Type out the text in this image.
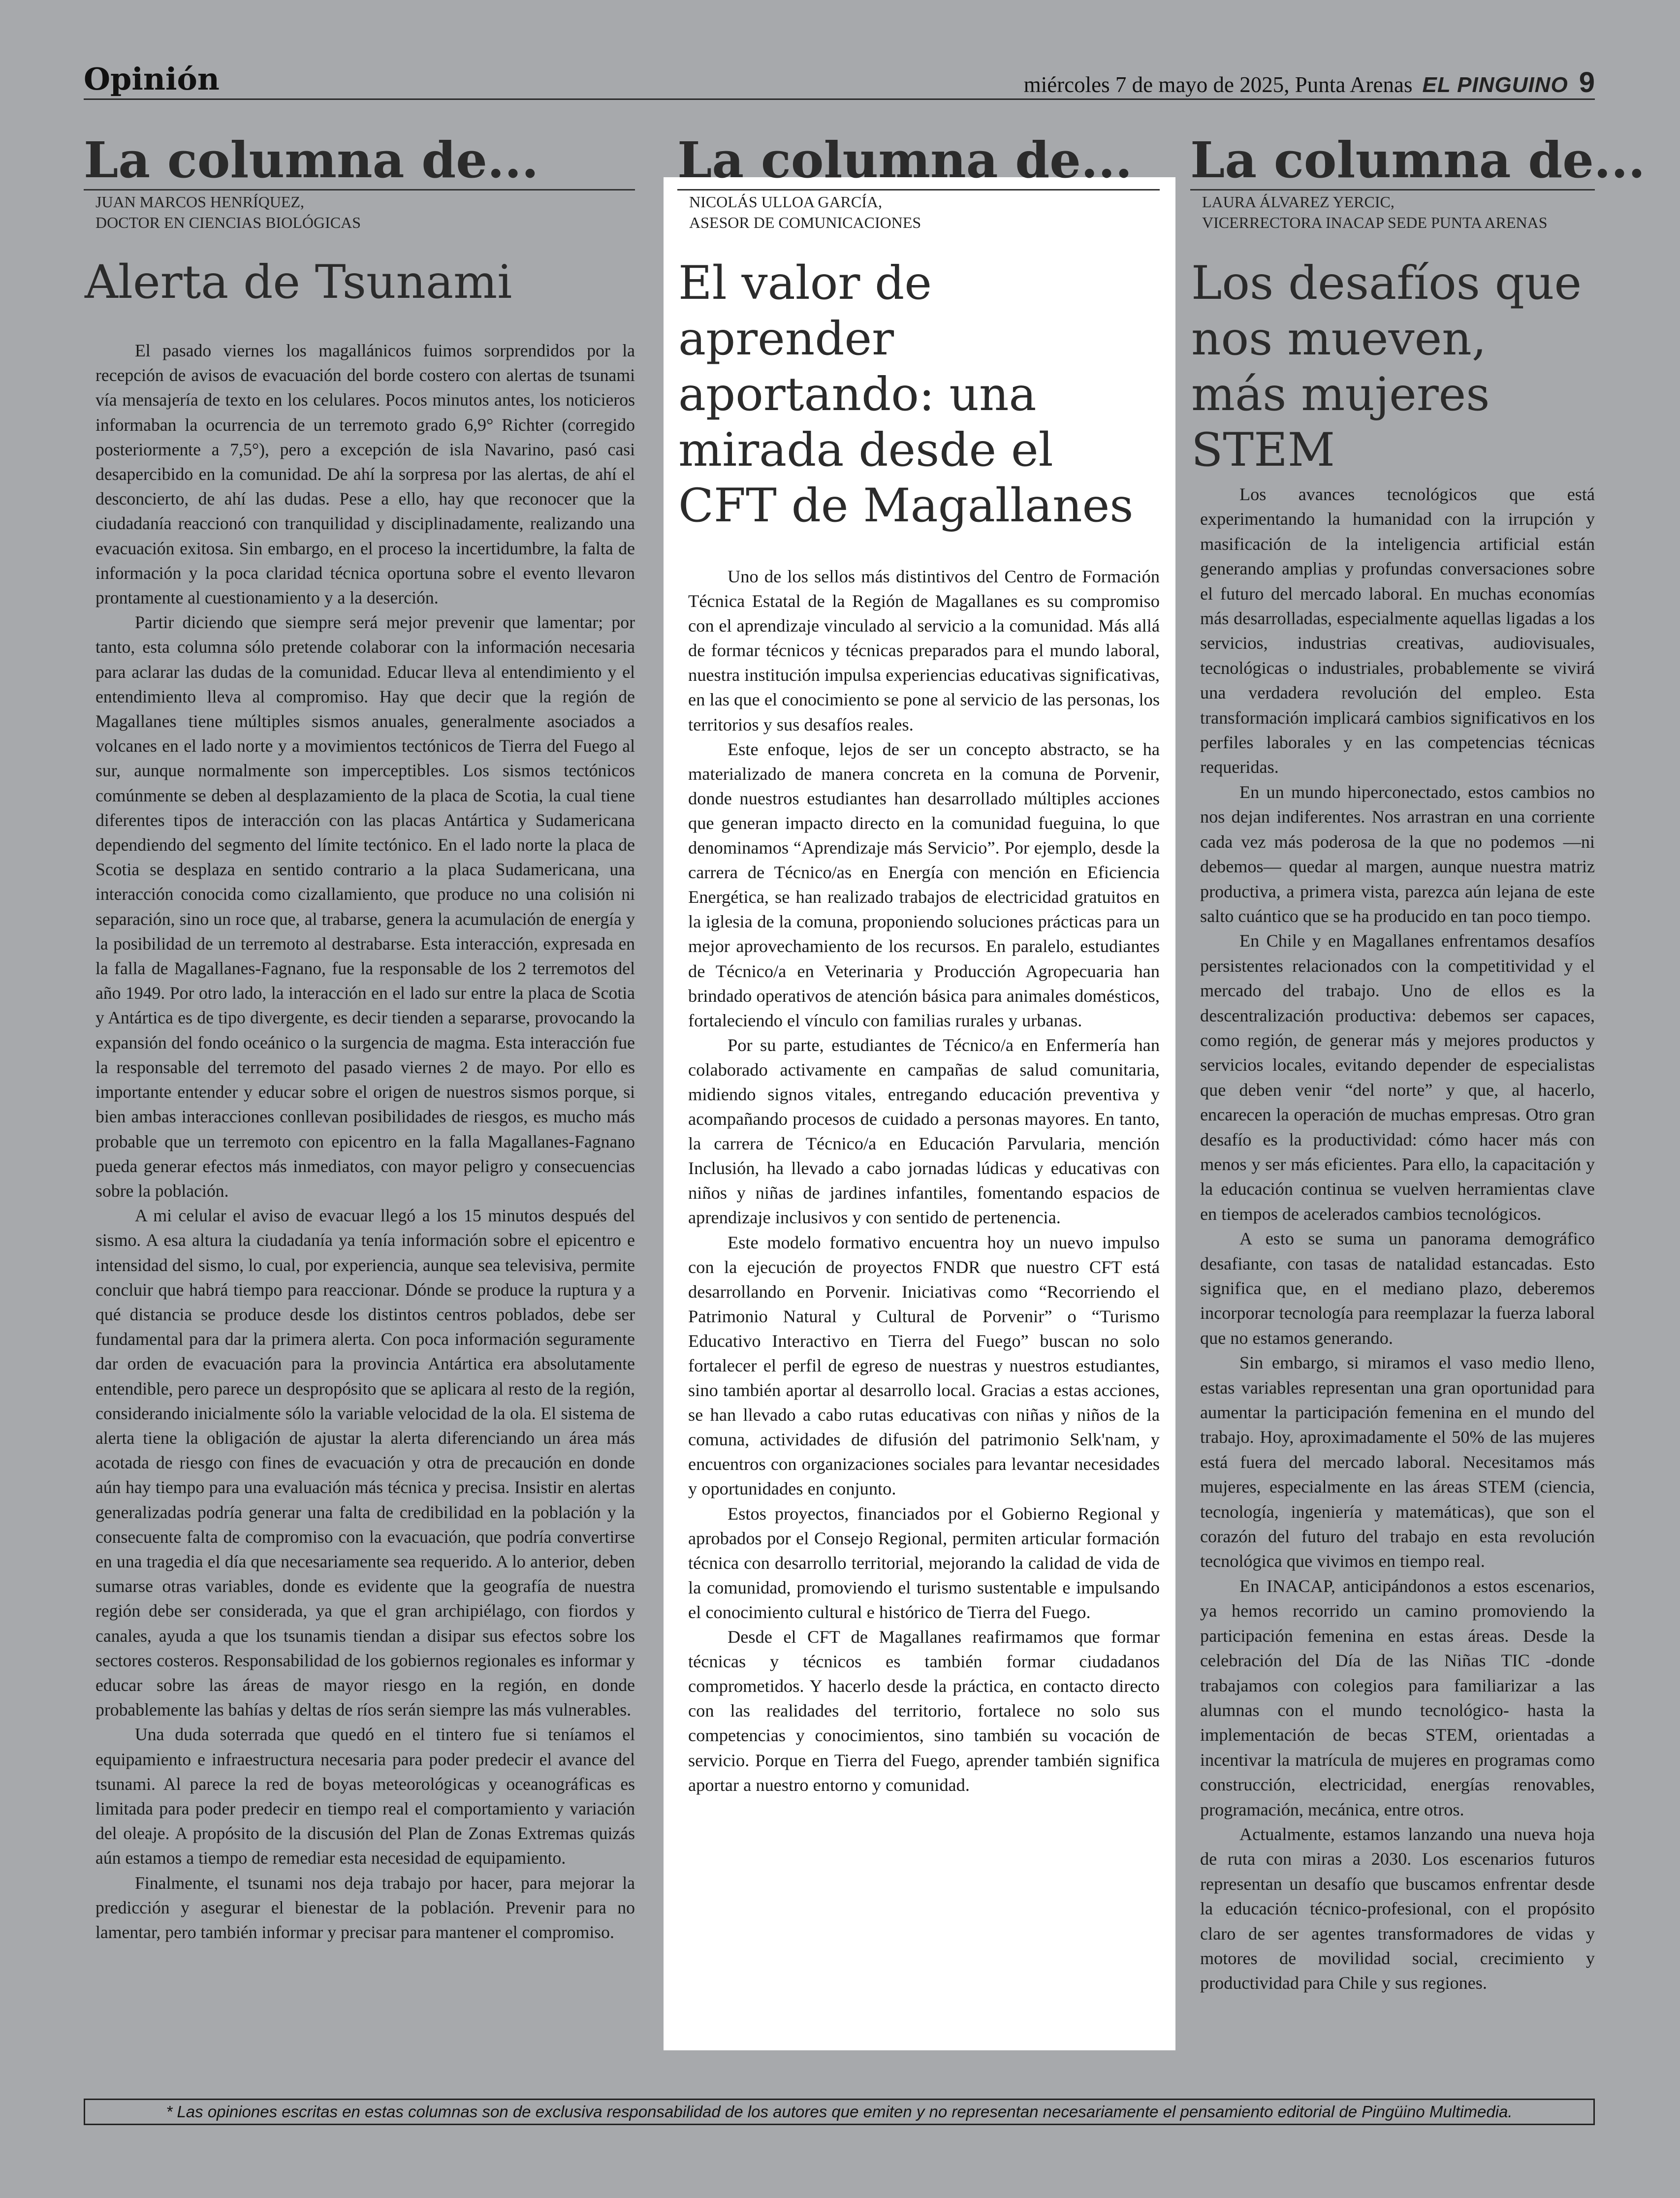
Opinión	miércoles 7 de mayo de 2025, Punta Arenas EL PINGUINO 9
La columna de...
JUAN MARCOS HENRÍQUEZ,
DOCTOR EN CIENCIAS BIOLÓGICAS
Alerta de Tsunami

El pasado viernes los magallánicos fuimos sorprendidos por la recepción de avisos de evacuación del borde costero con alertas de tsunami vía mensajería de texto en los celulares. Pocos minutos antes, los noticieros informaban la ocurrencia de un terremoto grado 6,9° Richter (corregido posteriormente a 7,5°), pero a excepción de isla Navarino, pasó casi desapercibido en la comunidad. De ahí la sorpresa por las alertas, de ahí el desconcierto, de ahí las dudas. Pese a ello, hay que reconocer que la ciudadanía reaccionó con tranquilidad y disciplinadamente, realizando una evacuación exitosa. Sin embargo, en el proceso la incertidumbre, la falta de información y la poca claridad técnica oportuna sobre el evento llevaron prontamente al cuestionamiento y a la deserción.

Partir diciendo que siempre será mejor prevenir que lamentar; por tanto, esta columna sólo pretende colaborar con la información necesaria para aclarar las dudas de la comunidad. Educar lleva al entendimiento y el entendimiento lleva al compromiso. Hay que decir que la región de Magallanes tiene múltiples sismos anuales, generalmente asociados a volcanes en el lado norte y a movimientos tectónicos de Tierra del Fuego al sur, aunque normalmente son imperceptibles. Los sismos tectónicos comúnmente se deben al desplazamiento de la placa de Scotia, la cual tiene diferentes tipos de interacción con las placas Antártica y Sudamericana dependiendo del segmento del límite tectónico. En el lado norte la placa de Scotia se desplaza en sentido contrario a la placa Sudamericana, una interacción conocida como cizallamiento, que produce no una colisión ni separación, sino un roce que, al trabarse, genera la acumulación de energía y la posibilidad de un terremoto al destrabarse. Esta interacción, expresada en la falla de Magallanes-Fagnano, fue la responsable de los 2 terremotos del año 1949. Por otro lado, la interacción en el lado sur entre la placa de Scotia y Antártica es de tipo divergente, es decir tienden a separarse, provocando la expansión del fondo oceánico o la surgencia de magma. Esta interacción fue la responsable del terremoto del pasado viernes 2 de mayo. Por ello es importante entender y educar sobre el origen de nuestros sismos porque, si bien ambas interacciones conllevan posibilidades de riesgos, es mucho más probable que un terremoto con epicentro en la falla Magallanes-Fagnano pueda generar efectos más inmediatos, con mayor peligro y consecuencias sobre la población.

A mi celular el aviso de evacuar llegó a los 15 minutos después del sismo. A esa altura la ciudadanía ya tenía información sobre el epicentro e intensidad del sismo, lo cual, por experiencia, aunque sea televisiva, permite concluir que habrá tiempo para reaccionar. Dónde se produce la ruptura y a qué distancia se produce desde los distintos centros poblados, debe ser fundamental para dar la primera alerta. Con poca información seguramente dar orden de evacuación para la provincia Antártica era absolutamente entendible, pero parece un despropósito que se aplicara al resto de la región, considerando inicialmente sólo la variable velocidad de la ola. El sistema de alerta tiene la obligación de ajustar la alerta diferenciando un área más acotada de riesgo con fines de evacuación y otra de precaución en donde aún hay tiempo para una evaluación más técnica y precisa. Insistir en alertas generalizadas podría generar una falta de credibilidad en la población y la consecuente falta de compromiso con la evacuación, que podría convertirse en una tragedia el día que necesariamente sea requerido. A lo anterior, deben sumarse otras variables, donde es evidente que la geografía de nuestra región debe ser considerada, ya que el gran archipiélago, con fiordos y canales, ayuda a que los tsunamis tiendan a disipar sus efectos sobre los sectores costeros. Responsabilidad de los gobiernos regionales es informar y educar sobre las áreas de mayor riesgo en la región, en donde probablemente las bahías y deltas de ríos serán siempre las más vulnerables.

Una duda soterrada que quedó en el tintero fue si teníamos el equipamiento e infraestructura necesaria para poder predecir el avance del tsunami. Al parece la red de boyas meteorológicas y oceanográficas es limitada para poder predecir en tiempo real el comportamiento y variación del oleaje. A propósito de la discusión del Plan de Zonas Extremas quizás aún estamos a tiempo de remediar esta necesidad de equipamiento.

Finalmente, el tsunami nos deja trabajo por hacer, para mejorar la predicción y asegurar el bienestar de la población. Prevenir para no lamentar, pero también informar y precisar para mantener el compromiso.

La columna de...
NICOLÁS ULLOA GARCÍA,
ASESOR DE COMUNICACIONES
El valor de aprender aportando: una mirada desde el CFT de Magallanes

Uno de los sellos más distintivos del Centro de Formación Técnica Estatal de la Región de Magallanes es su compromiso con el aprendizaje vinculado al servicio a la comunidad. Más allá de formar técnicos y técnicas preparados para el mundo laboral, nuestra institución impulsa experiencias educativas significativas, en las que el conocimiento se pone al servicio de las personas, los territorios y sus desafíos reales.

Este enfoque, lejos de ser un concepto abstracto, se ha materializado de manera concreta en la comuna de Porvenir, donde nuestros estudiantes han desarrollado múltiples acciones que generan impacto directo en la comunidad fueguina, lo que denominamos “Aprendizaje más Servicio”. Por ejemplo, desde la carrera de Técnico/as en Energía con mención en Eficiencia Energética, se han realizado trabajos de electricidad gratuitos en la iglesia de la comuna, proponiendo soluciones prácticas para un mejor aprovechamiento de los recursos. En paralelo, estudiantes de Técnico/a en Veterinaria y Producción Agropecuaria han brindado operativos de atención básica para animales domésticos, fortaleciendo el vínculo con familias rurales y urbanas.

Por su parte, estudiantes de Técnico/a en Enfermería han colaborado activamente en campañas de salud comunitaria, midiendo signos vitales, entregando educación preventiva y acompañando procesos de cuidado a personas mayores. En tanto, la carrera de Técnico/a en Educación Parvularia, mención Inclusión, ha llevado a cabo jornadas lúdicas y educativas con niños y niñas de jardines infantiles, fomentando espacios de aprendizaje inclusivos y con sentido de pertenencia.

Este modelo formativo encuentra hoy un nuevo impulso con la ejecución de proyectos FNDR que nuestro CFT está desarrollando en Porvenir. Iniciativas como “Recorriendo el Patrimonio Natural y Cultural de Porvenir” o “Turismo Educativo Interactivo en Tierra del Fuego” buscan no solo fortalecer el perfil de egreso de nuestras y nuestros estudiantes, sino también aportar al desarrollo local. Gracias a estas acciones, se han llevado a cabo rutas educativas con niñas y niños de la comuna, actividades de difusión del patrimonio Selk'nam, y encuentros con organizaciones sociales para levantar necesidades y oportunidades en conjunto.

Estos proyectos, financiados por el Gobierno Regional y aprobados por el Consejo Regional, permiten articular formación técnica con desarrollo territorial, mejorando la calidad de vida de la comunidad, promoviendo el turismo sustentable e impulsando el conocimiento cultural e histórico de Tierra del Fuego.

Desde el CFT de Magallanes reafirmamos que formar técnicas y técnicos es también formar ciudadanos comprometidos. Y hacerlo desde la práctica, en contacto directo con las realidades del territorio, fortalece no solo sus competencias y conocimientos, sino también su vocación de servicio. Porque en Tierra del Fuego, aprender también significa aportar a nuestro entorno y comunidad.

La columna de...
LAURA ÁLVAREZ YERCIC,
VICERRECTORA INACAP SEDE PUNTA ARENAS
Los desafíos que nos mueven, más mujeres STEM

Los avances tecnológicos que está experimentando la humanidad con la irrupción y masificación de la inteligencia artificial están generando amplias y profundas conversaciones sobre el futuro del mercado laboral. En muchas economías más desarrolladas, especialmente aquellas ligadas a los servicios, industrias creativas, audiovisuales, tecnológicas o industriales, probablemente se vivirá una verdadera revolución del empleo. Esta transformación implicará cambios significativos en los perfiles laborales y en las competencias técnicas requeridas.

En un mundo hiperconectado, estos cambios no nos dejan indiferentes. Nos arrastran en una corriente cada vez más poderosa de la que no podemos —ni debemos— quedar al margen, aunque nuestra matriz productiva, a primera vista, parezca aún lejana de este salto cuántico que se ha producido en tan poco tiempo.

En Chile y en Magallanes enfrentamos desafíos persistentes relacionados con la competitividad y el mercado del trabajo. Uno de ellos es la descentralización productiva: debemos ser capaces, como región, de generar más y mejores productos y servicios locales, evitando depender de especialistas que deben venir “del norte” y que, al hacerlo, encarecen la operación de muchas empresas. Otro gran desafío es la productividad: cómo hacer más con menos y ser más eficientes. Para ello, la capacitación y la educación continua se vuelven herramientas clave en tiempos de acelerados cambios tecnológicos.

A esto se suma un panorama demográfico desafiante, con tasas de natalidad estancadas. Esto significa que, en el mediano plazo, deberemos incorporar tecnología para reemplazar la fuerza laboral que no estamos generando.

Sin embargo, si miramos el vaso medio lleno, estas variables representan una gran oportunidad para aumentar la participación femenina en el mundo del trabajo. Hoy, aproximadamente el 50% de las mujeres está fuera del mercado laboral. Necesitamos más mujeres, especialmente en las áreas STEM (ciencia, tecnología, ingeniería y matemáticas), que son el corazón del futuro del trabajo en esta revolución tecnológica que vivimos en tiempo real.

En INACAP, anticipándonos a estos escenarios, ya hemos recorrido un camino promoviendo la participación femenina en estas áreas. Desde la celebración del Día de las Niñas TIC -donde trabajamos con colegios para familiarizar a las alumnas con el mundo tecnológico- hasta la implementación de becas STEM, orientadas a incentivar la matrícula de mujeres en programas como construcción, electricidad, energías renovables, programación, mecánica, entre otros.

Actualmente, estamos lanzando una nueva hoja de ruta con miras a 2030. Los escenarios futuros representan un desafío que buscamos enfrentar desde la educación técnico-profesional, con el propósito claro de ser agentes transformadores de vidas y motores de movilidad social, crecimiento y productividad para Chile y sus regiones.

* Las opiniones escritas en estas columnas son de exclusiva responsabilidad de los autores que emiten y no representan necesariamente el pensamiento editorial de Pingüino Multimedia.
